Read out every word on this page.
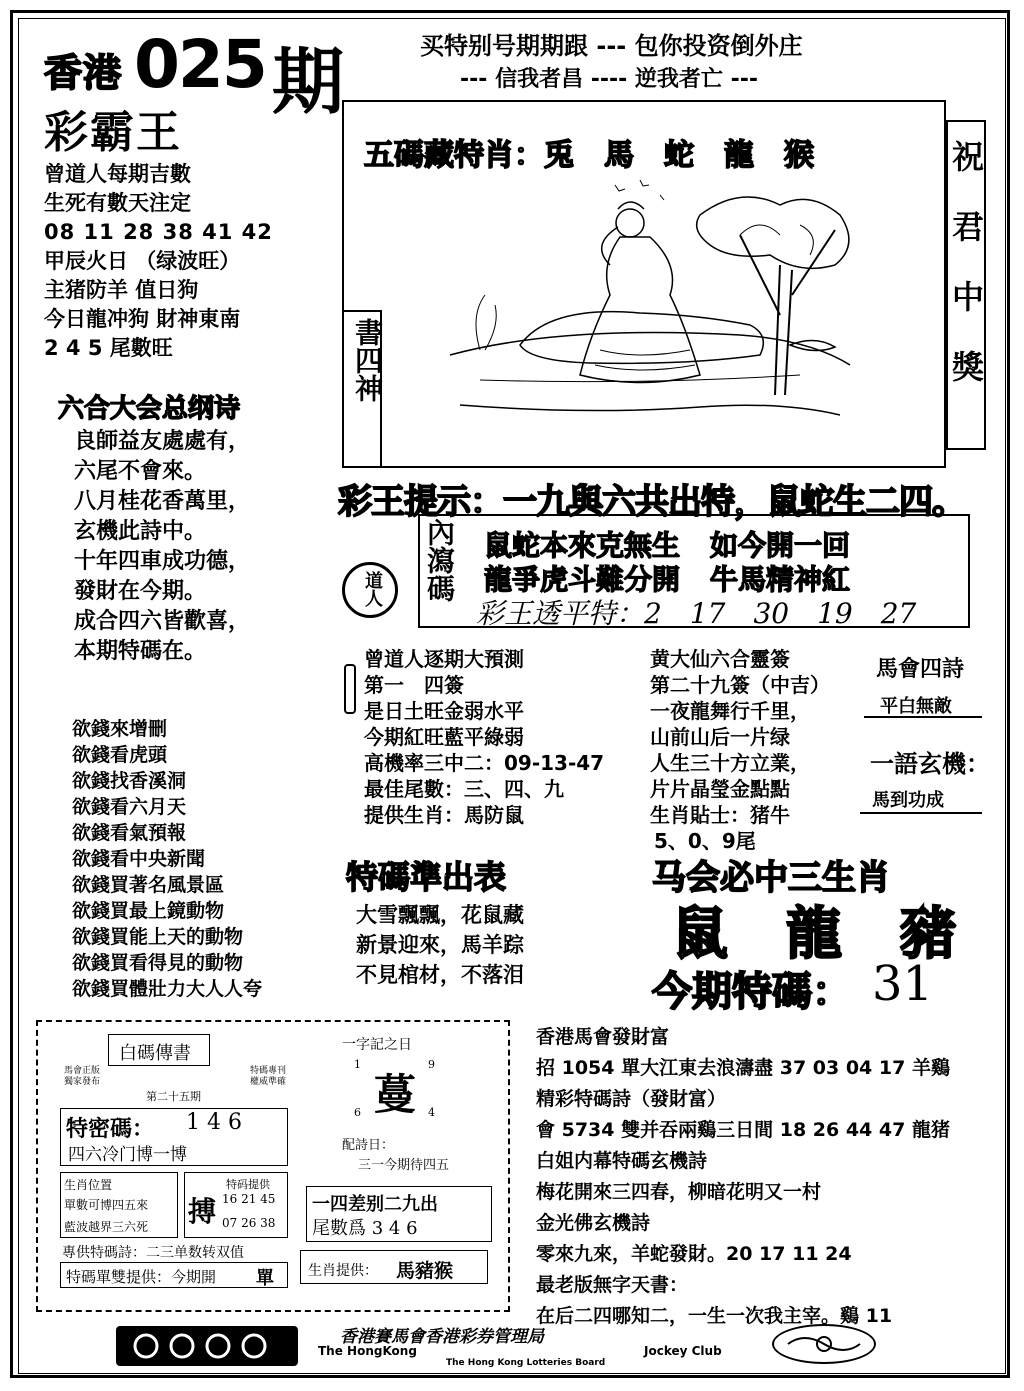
香港 025 期
彩霸王
买特别号期期跟 --- 包你投资倒外庄
--- 信我者昌 ---- 逆我者亡 ---
曾道人每期吉數
生死有數天注定
08 11 28 38 41 42
甲辰火日 （绿波旺）
主猪防羊 值日狗
今日龍冲狗 財神東南
2 4 5 尾數旺
五碼藏特肖：兎　馬　蛇　龍　猴
書四神	祝君中獎
六合大会总纲诗
良師益友處處有，
六尾不會來。
八月桂花香萬里，
玄機此詩中。
十年四車成功德，
發財在今期。
成合四六皆歡喜，
本期特碼在。
彩王提示：一九與六共出特，鼠蛇生二四。
道人 內瀉碼 鼠蛇本來克無生 如今開一回
龍爭虎斗難分開 牛馬精神紅
彩王透平特：2　17　30　19　27
曾道人逐期大預測
第一　四簽
是日土旺金弱水平
今期紅旺藍平綠弱
高機率三中二：09-13-47
最佳尾數：三、四、九
提供生肖：馬防鼠
黄大仙六合靈簽
第二十九簽（中吉）
一夜龍舞行千里，
山前山后一片绿
人生三十方立業，
片片晶瑩金點點
生肖貼士：猪牛
5、0、9尾
馬會四詩
平白無敵
一語玄機：
馬到功成
欲錢來增刪
欲錢看虎頭
欲錢找香溪洞
欲錢看六月天
欲錢看氣預報
欲錢看中央新聞
欲錢買著名風景區
欲錢買最上鏡動物
欲錢買能上天的動物
欲錢買看得見的動物
欲錢買體壯力大人人夸
特碼準出表
大雪飄飄，花鼠藏
新景迎來，馬羊踪
不見棺材，不落泪
马会必中三生肖
鼠　龍　豬
今期特碼： 31
白碼傳書
馬會正版
獨家發布
特碼專刊
權威準確
第二十五期
特密碼： 1 4 6
四六冷门博一博
生肖位置
單數可博四五來
藍波越界三六死
特码提供
搏 16 21 45
07 26 38
專供特碼詩：二三单数转双值
特碼單雙提供：今期開 單 生肖提供： 馬豬猴
一字記之日
1	9
蔓
6	4
配詩日：
三一今期待四五
一四差别二九出
尾數爲 3 4 6
香港馬會發財富
招 1054 單大江東去浪濤盡 37 03 04 17 羊鷄
精彩特碼詩（發財富）
會 5734 雙并吞兩鷄三日間 18 26 44 47 龍猪
白姐内幕特碼玄機詩
梅花開來三四春，柳暗花明又一村
金光佛玄機詩
零來九來，羊蛇發財。20 17 11 24
最老版無字天書：
在后二四哪知二，一生一次我主宰。鷄 11
香港賽馬會香港彩券管理局
The HongKong	Jockey Club
The Hong Kong Lotteries Board
